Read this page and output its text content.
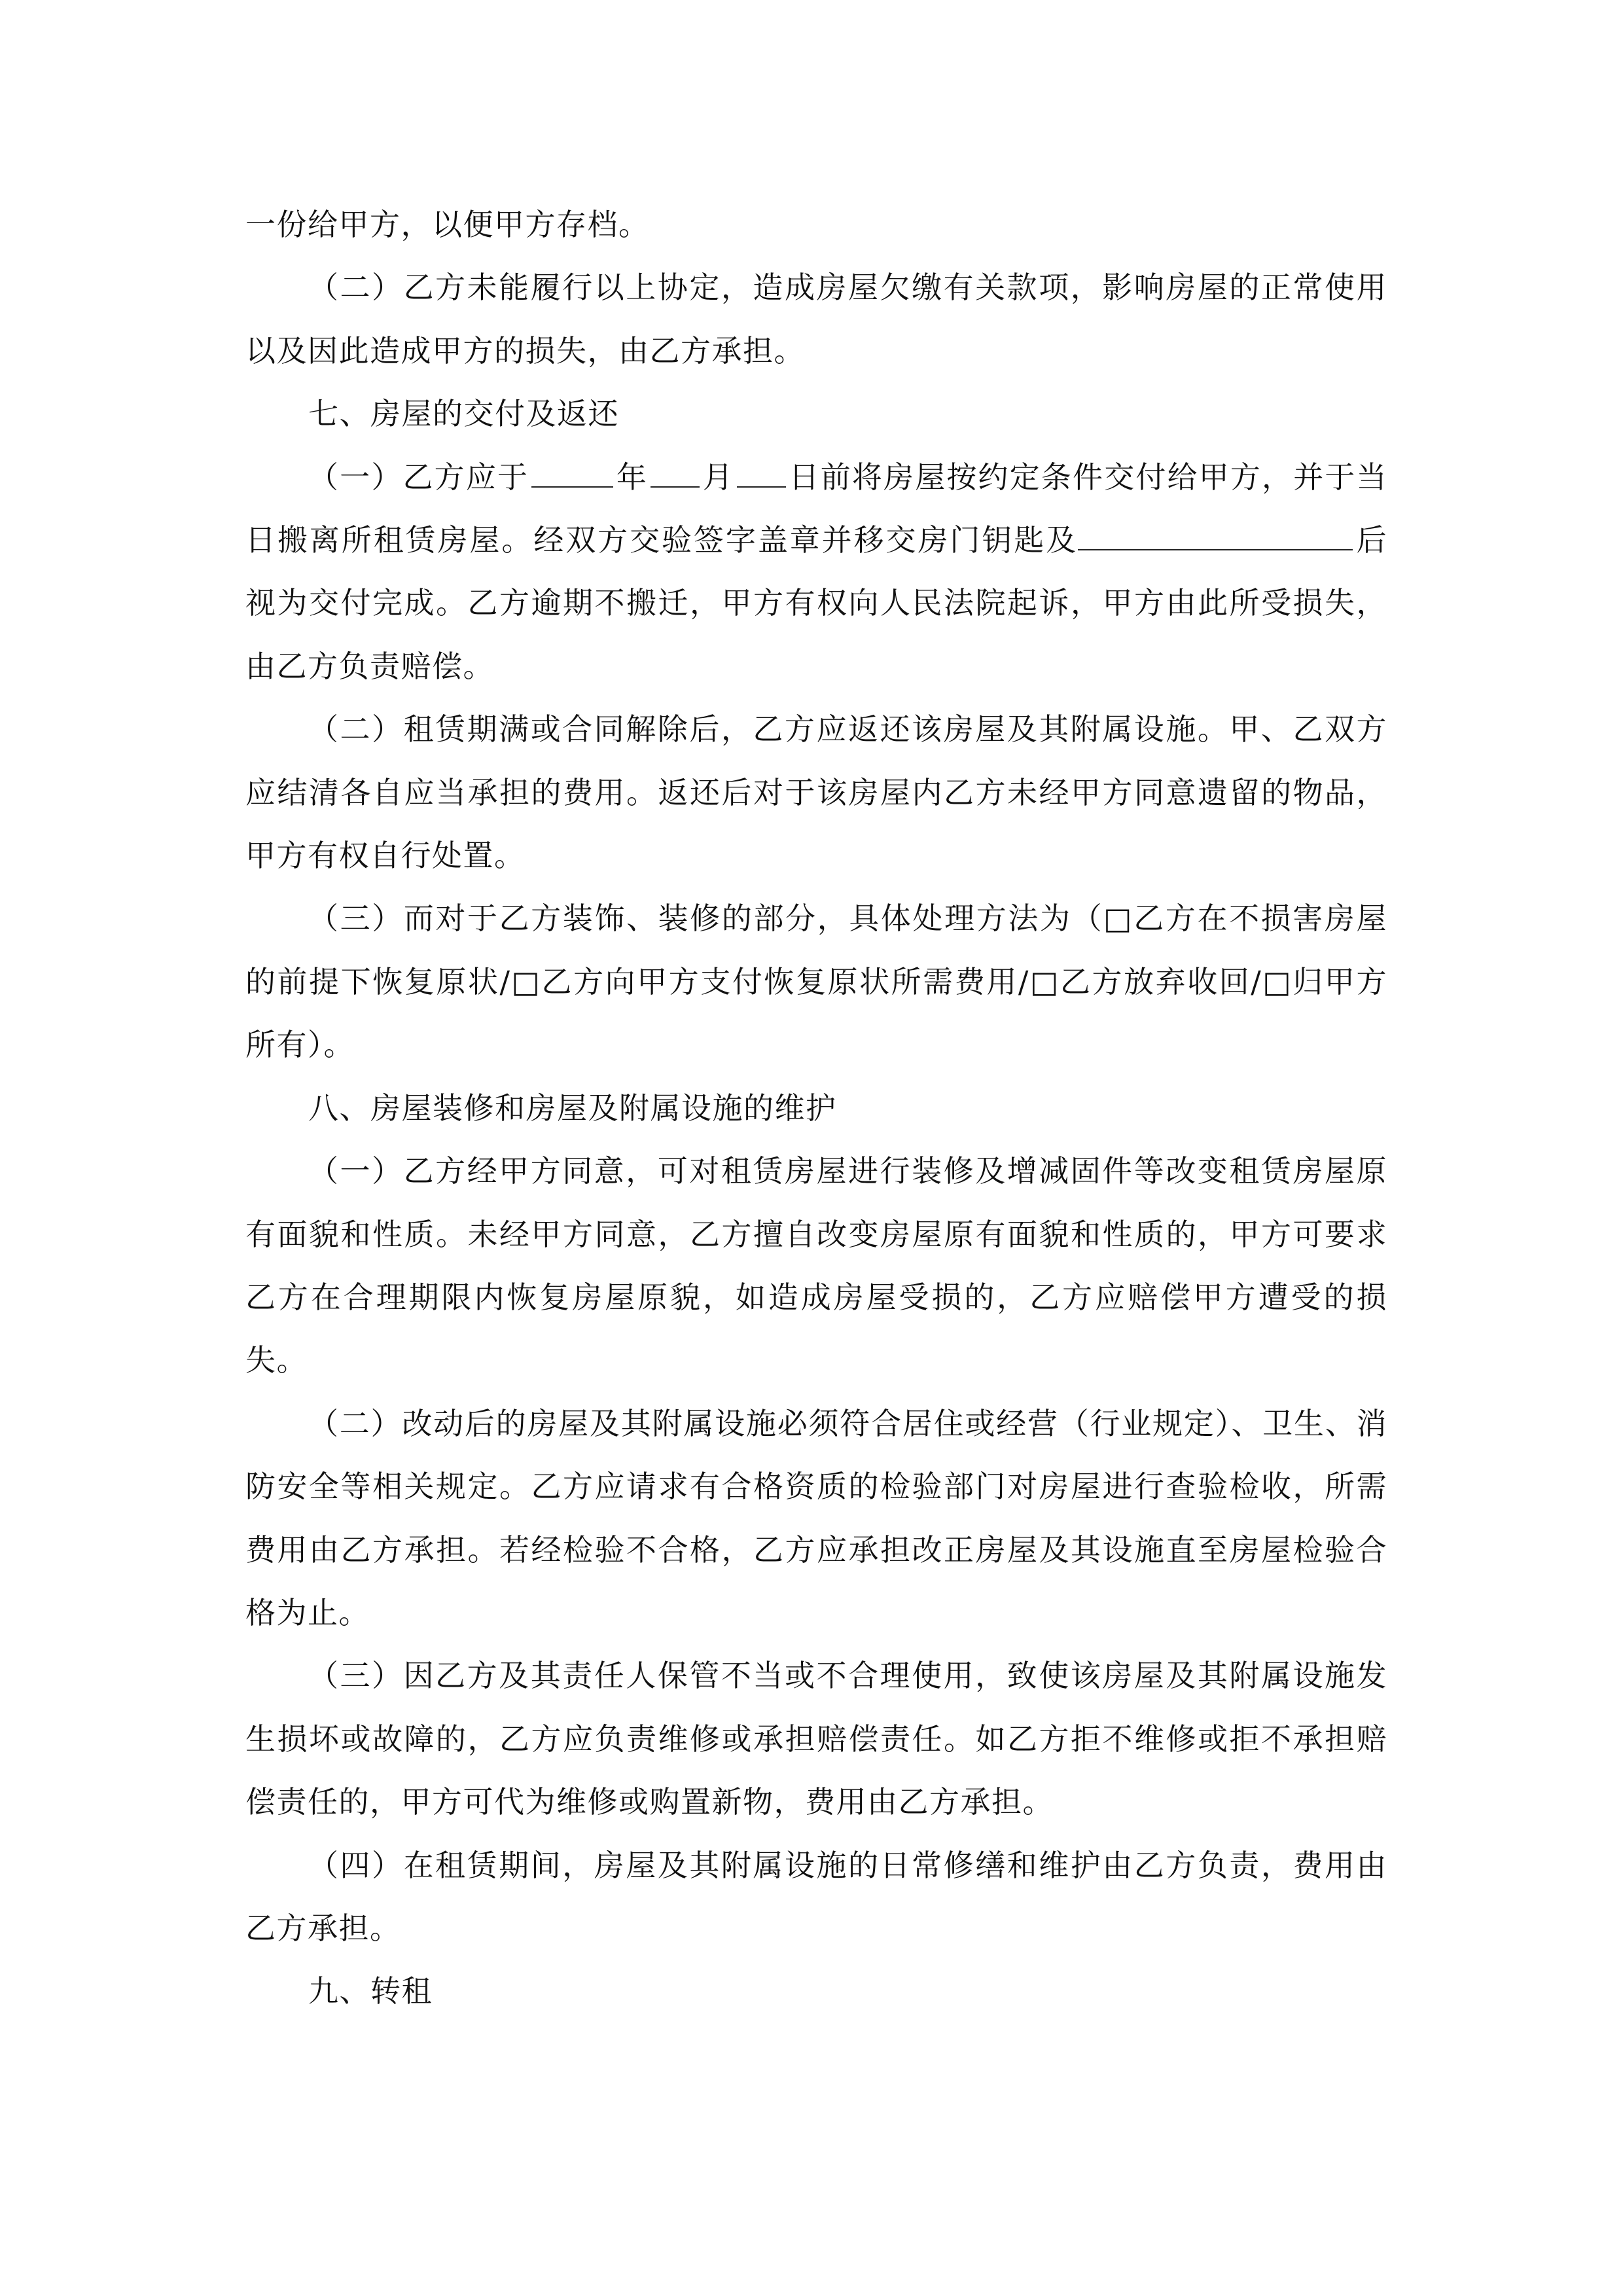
一份给甲方，以便甲方存档。

（二）乙方未能履行以上协定，造成房屋欠缴有关款项，影响房屋的正常使用以及因此造成甲方的损失，由乙方承担。

七、房屋的交付及返还

（一）乙方应于	年 月 日前将房屋按约定条件交付给甲方，并于当日搬离所租赁房屋。经双方交验签字盖章并移交房门钥匙及	后视为交付完成。乙方逾期不搬迁，甲方有权向人民法院起诉，甲方由此所受损失，由乙方负责赔偿。

（二）租赁期满或合同解除后，乙方应返还该房屋及其附属设施。甲、乙双方应结清各自应当承担的费用。返还后对于该房屋内乙方未经甲方同意遗留的物品，甲方有权自行处置。

（三）而对于乙方装饰、装修的部分，具体处理方法为（□乙方在不损害房屋的前提下恢复原状/□乙方向甲方支付恢复原状所需费用/□乙方放弃收回/□归甲方所有）。

八、房屋装修和房屋及附属设施的维护

（一）乙方经甲方同意，可对租赁房屋进行装修及增减固件等改变租赁房屋原有面貌和性质。未经甲方同意，乙方擅自改变房屋原有面貌和性质的，甲方可要求乙方在合理期限内恢复房屋原貌，如造成房屋受损的，乙方应赔偿甲方遭受的损失。

（二）改动后的房屋及其附属设施必须符合居住或经营（行业规定）、卫生、消防安全等相关规定。乙方应请求有合格资质的检验部门对房屋进行查验检收，所需费用由乙方承担。若经检验不合格，乙方应承担改正房屋及其设施直至房屋检验合格为止。

（三）因乙方及其责任人保管不当或不合理使用，致使该房屋及其附属设施发生损坏或故障的，乙方应负责维修或承担赔偿责任。如乙方拒不维修或拒不承担赔偿责任的，甲方可代为维修或购置新物，费用由乙方承担。

（四）在租赁期间，房屋及其附属设施的日常修缮和维护由乙方负责，费用由乙方承担。

九、转租
